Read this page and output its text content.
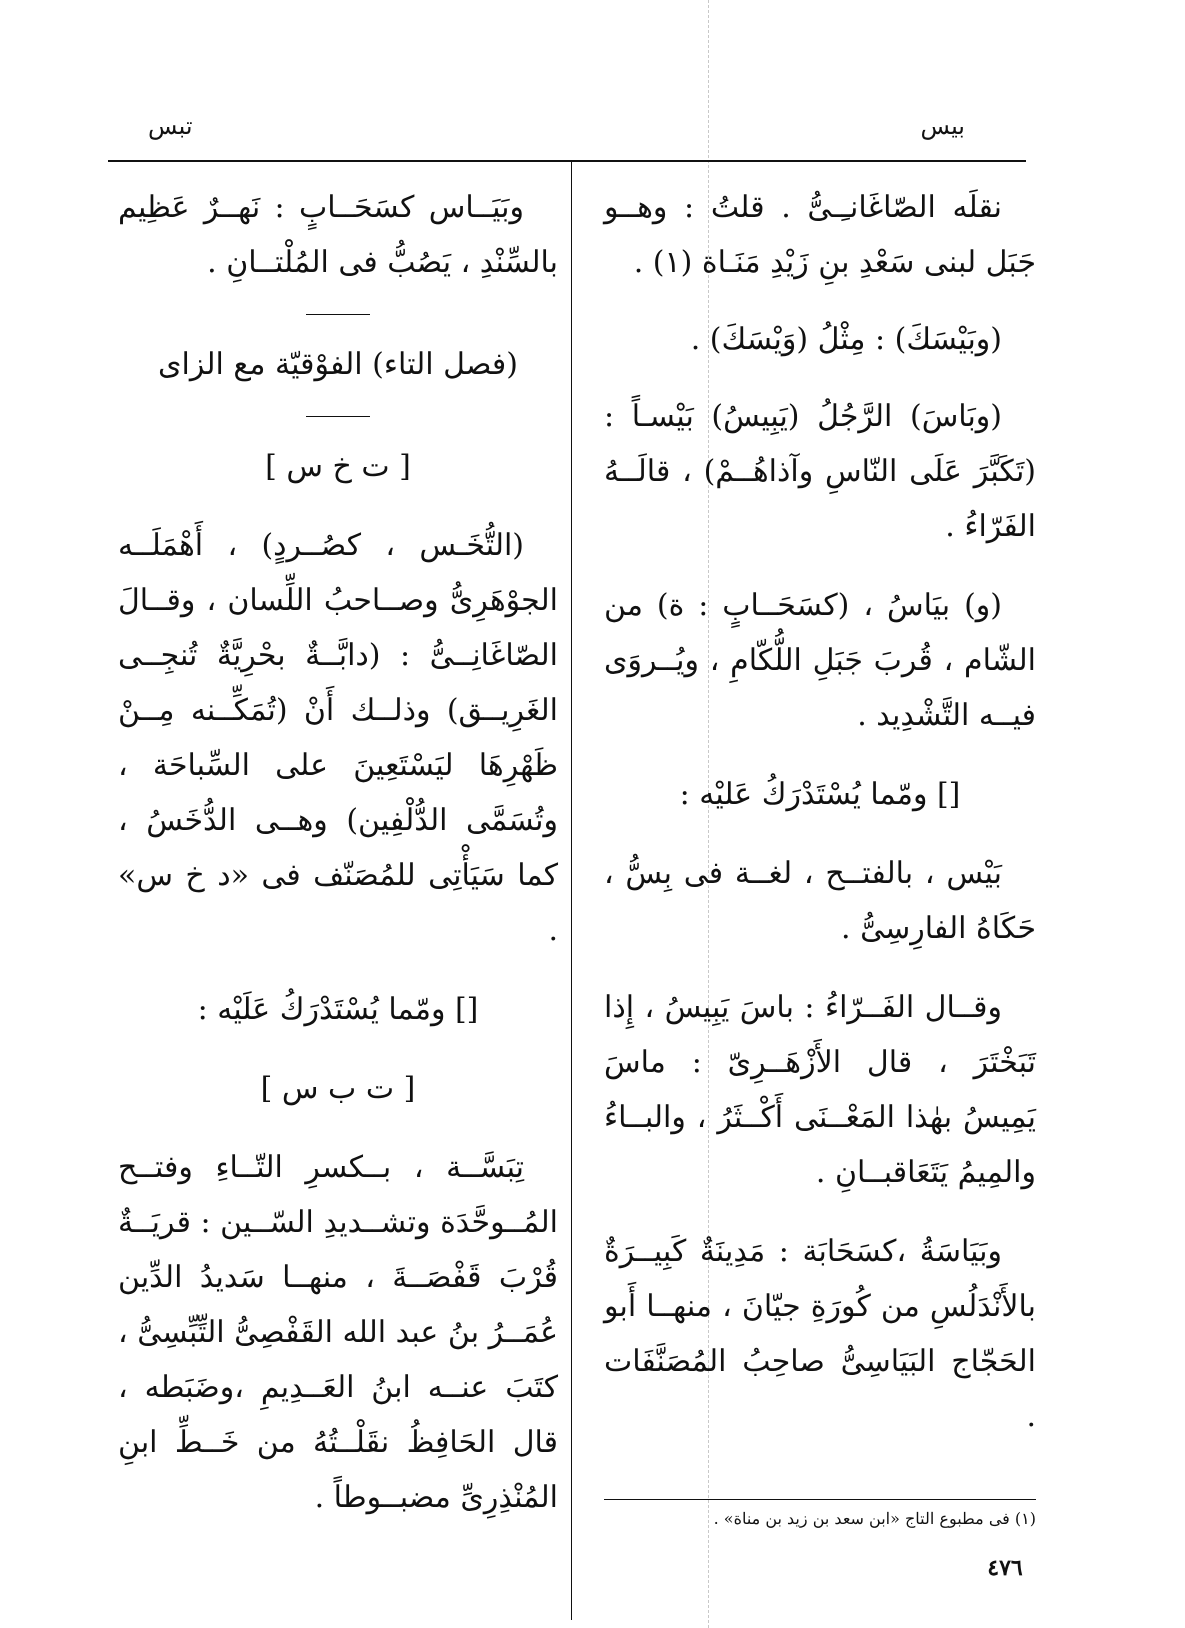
بيس
تبس

نقلَه الصّاغَانـِـىُّ . قلتُ : وهــو جَبَل لبنى سَعْدِ بنِ زَيْدِ مَنَـاة (١) .

(وبَيْسَكَ) : مِثْلُ (وَيْسَكَ) .

(وبَاسَ) الرَّجُلُ (يَبِيسُ) بَيْسـاً : (تَكَبَّرَ عَلَى النّاسِ وآذاهُــمْ) ، قالَــهُ الفَرّاءُ .

(و) بيَاسُ ، (كسَحَــابٍ : ة) من الشّام ، قُربَ جَبَلِ اللُّكّامِ ، ويُــروَى فيــه التَّشْدِيد .

[] ومّما يُسْتَدْرَكُ عَليْه :

بَيْس ، بالفتــح ، لغــة فى بِسُّ ، حَكَاهُ الفارِسِىُّ .

وقــال الفَــرّاءُ : باسَ يَبِيسُ ، إِذا تَبَخْتَرَ ، قال الأَزْهَــرِىّ : ماسَ يَمِيسُ بهٰذا المَعْــنَى أَكْــثَرُ ، والبــاءُ والمِيمُ يَتَعَاقبــانِ .

وبَيَاسَةُ ،كسَحَابَة : مَدِينَةٌ كَبِيــرَةٌ بالأَنْدَلُسِ من كُورَةِ جيّانَ ، منهــا أَبو الحَجّاج البَيَاسِىُّ صاحِبُ المُصَنَّفَات .

وبَيَــاس كسَحَــابٍ : نَهــرٌ عَظِيم بالسِّنْدِ ، يَصُبُّ فى المُلْتــانِ .

(فصل التاء) الفوْقيّة مع الزاى

[ ت خ س ]

(التُّخَـس ، كصُــردٍ) ، أَهْمَلَــه الجوْهَرِىُّ وصــاحبُ اللِّسان ، وقــالَ الصّاغَانِــىُّ : (دابَّــةٌ بحْرِيَّةٌ تُنجِــى الغَرِيــق) وذلــك أَنْ (تُمَكِّــنه مِــنْ ظَهْرِهَا ليَسْتَعِينَ على السِّباحَة ، وتُسَمَّى الدُّلْفِين) وهــى الدُّخَسُ ، كما سَيَأْتِى للمُصَنّف فى «د خ س» .

[] ومّما يُسْتَدْرَكُ عَلَيْه :

[ ت ب س ]

تِبَسَّــة ، بــكسرِ التّــاءِ وفتــح المُــوحَّدَة وتشــديدِ السّــين : قريَــةٌ قُرْبَ قَفْصَــةَ ، منهــا سَديدُ الدِّين عُمَــرُ بنُ عبد الله القَفْصِىُّ التِّبِّسِىُّ ، كتَبَ عنــه ابنُ العَــدِيمِ ،وضَبَطه ، قال الحَافِظُ نقَلْــتُهُ من خَــطِّ ابنِ المُنْذِرِىِّ مضبــوطاً .

(١) فى مطبوع التاج «ابن سعد بن زيد بن مناة» .
٤٧٦
